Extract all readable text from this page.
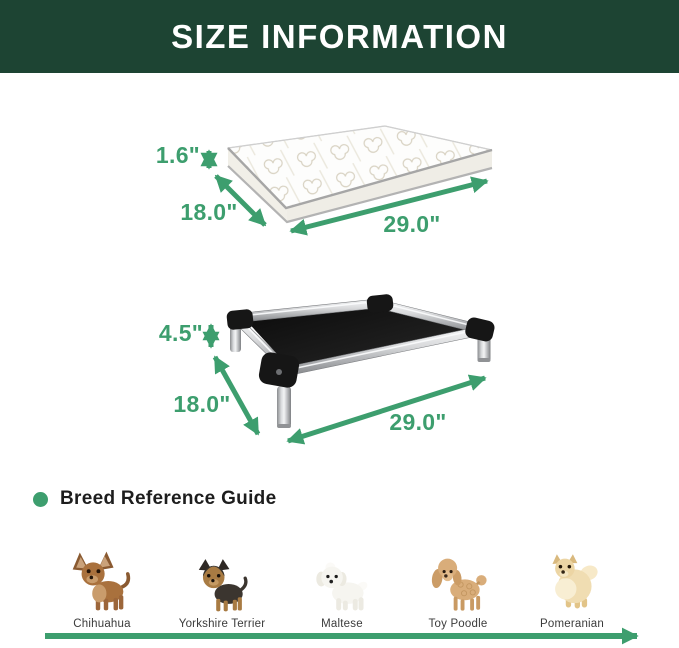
SIZE INFORMATION
1.6"
18.0"	29.0"
4.5"
18.0"
29.0"
Breed Reference Guide
Chihuahua	Yorkshire Terrier	Maltese	Toy Poodle	Pomeranian
